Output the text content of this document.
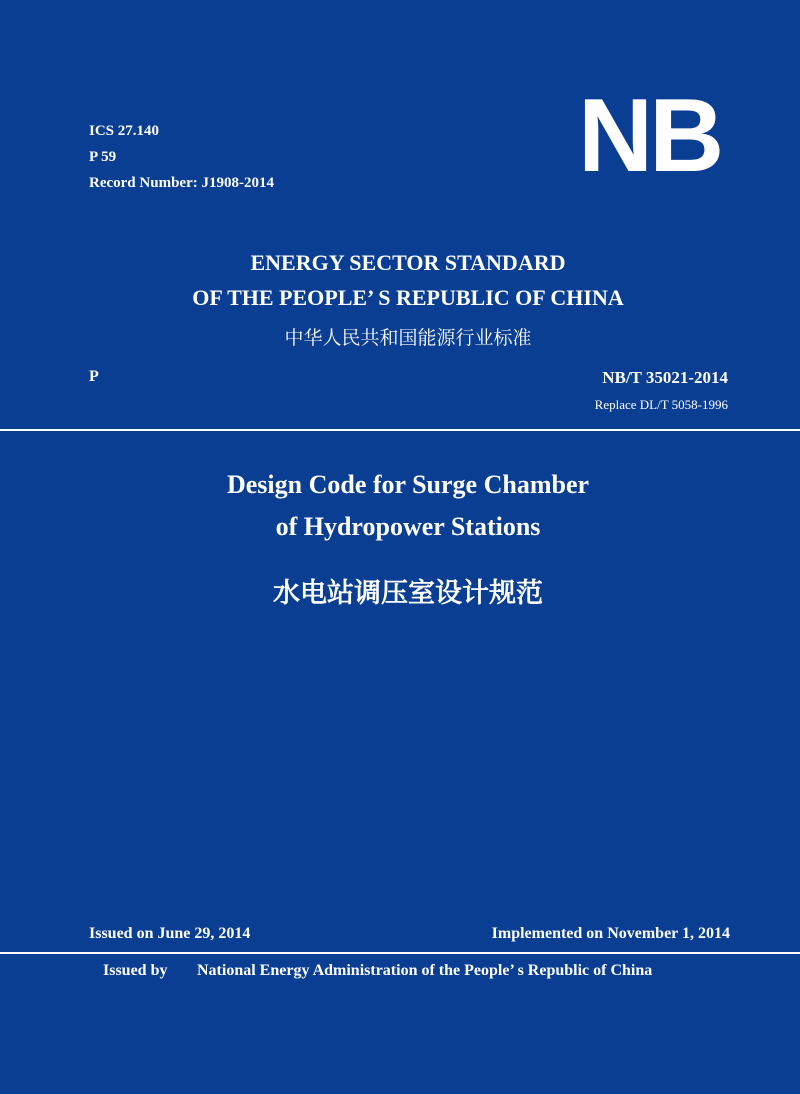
ICS 27.140
P 59
Record Number: J1908-2014	NB
ENERGY SECTOR STANDARD
OF THE PEOPLE’ S REPUBLIC OF CHINA
中华人民共和国能源行业标准
P	NB/T 35021-2014
Replace DL/T 5058-1996
Design Code for Surge Chamber
of Hydropower Stations
水电站调压室设计规范
Issued on June 29, 2014	Implemented on November 1, 2014
Issued by National Energy Administration of the People’ s Republic of China
